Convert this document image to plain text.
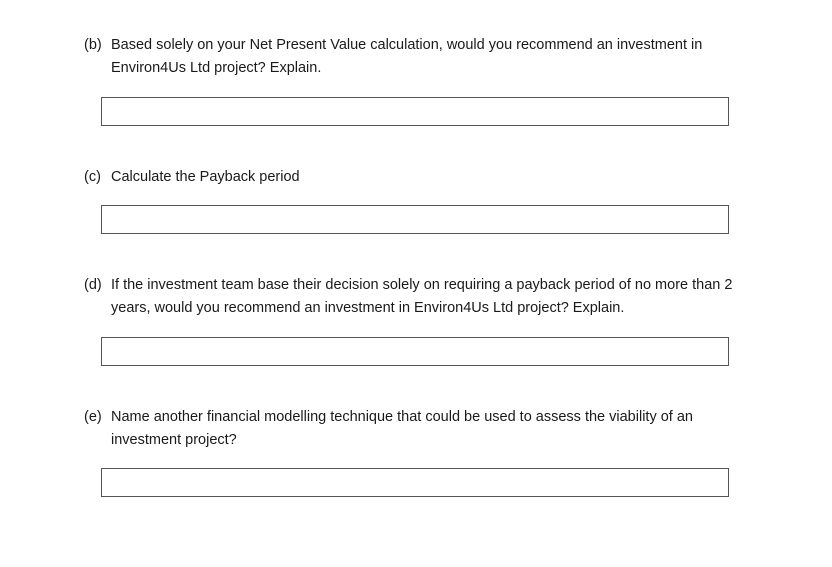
(b) Based solely on your Net Present Value calculation, would you recommend an investment in Environ4Us Ltd project? Explain.
(c) Calculate the Payback period
(d) If the investment team base their decision solely on requiring a payback period of no more than 2 years, would you recommend an investment in Environ4Us Ltd project? Explain.
(e) Name another financial modelling technique that could be used to assess the viability of an investment project?
